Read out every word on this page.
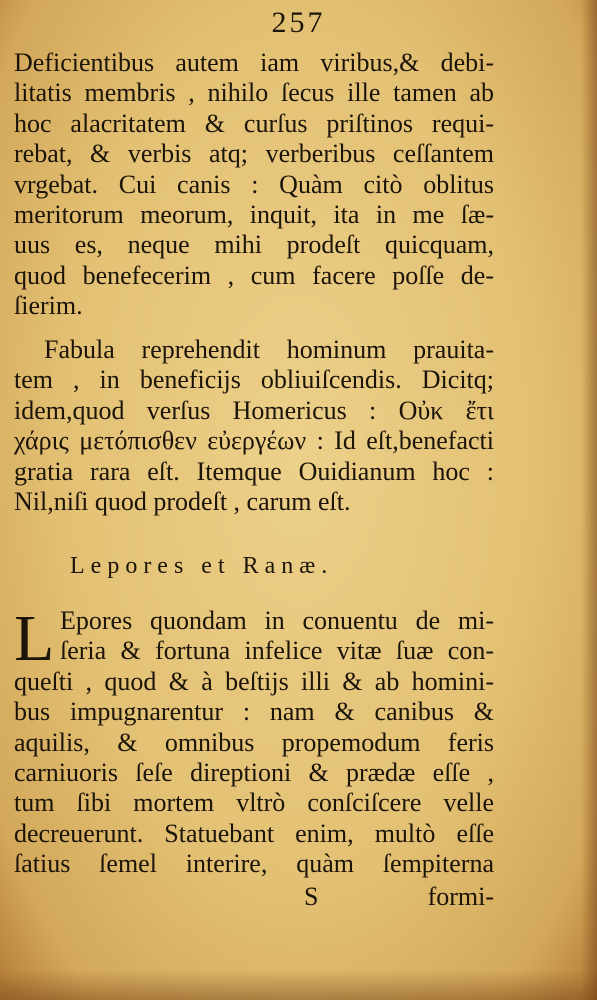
257
Deficientibus autem iam viribus,& debi-
litatis membris , nihilo ſecus ille tamen ab
hoc alacritatem & curſus priſtinos requi-
rebat, & verbis atq; verberibus ceſſantem
vrgebat. Cui canis : Quàm citò oblitus
meritorum meorum, inquit, ita in me ſæ-
uus es, neque mihi prodeſt quicquam,
quod benefecerim , cum facere poſſe de-
ſierim.
Fabula reprehendit hominum prauita-
tem , in beneficijs obliuiſcendis. Dicitq;
idem,quod verſus Homericus : Οὐκ ἔτι
χάρις μετόπισθεν εὐεργέων : Id eſt,benefacti
gratia rara eſt. Itemque Ouidianum hoc :
Nil,niſi quod prodeſt , carum eſt.
Lepores et Ranæ.
L Epores quondam in conuentu de mi-
ſeria & fortuna infelice vitæ ſuæ con-
queſti , quod & à beſtijs illi & ab homini-
bus impugnarentur : nam & canibus &
aquilis, & omnibus propemodum feris
carniuoris ſeſe direptioni & prædæ eſſe ,
tum ſibi mortem vltrò conſciſcere velle
decreuerunt. Statuebant enim, multò eſſe
ſatius ſemel interire, quàm ſempiterna
S	formi-
